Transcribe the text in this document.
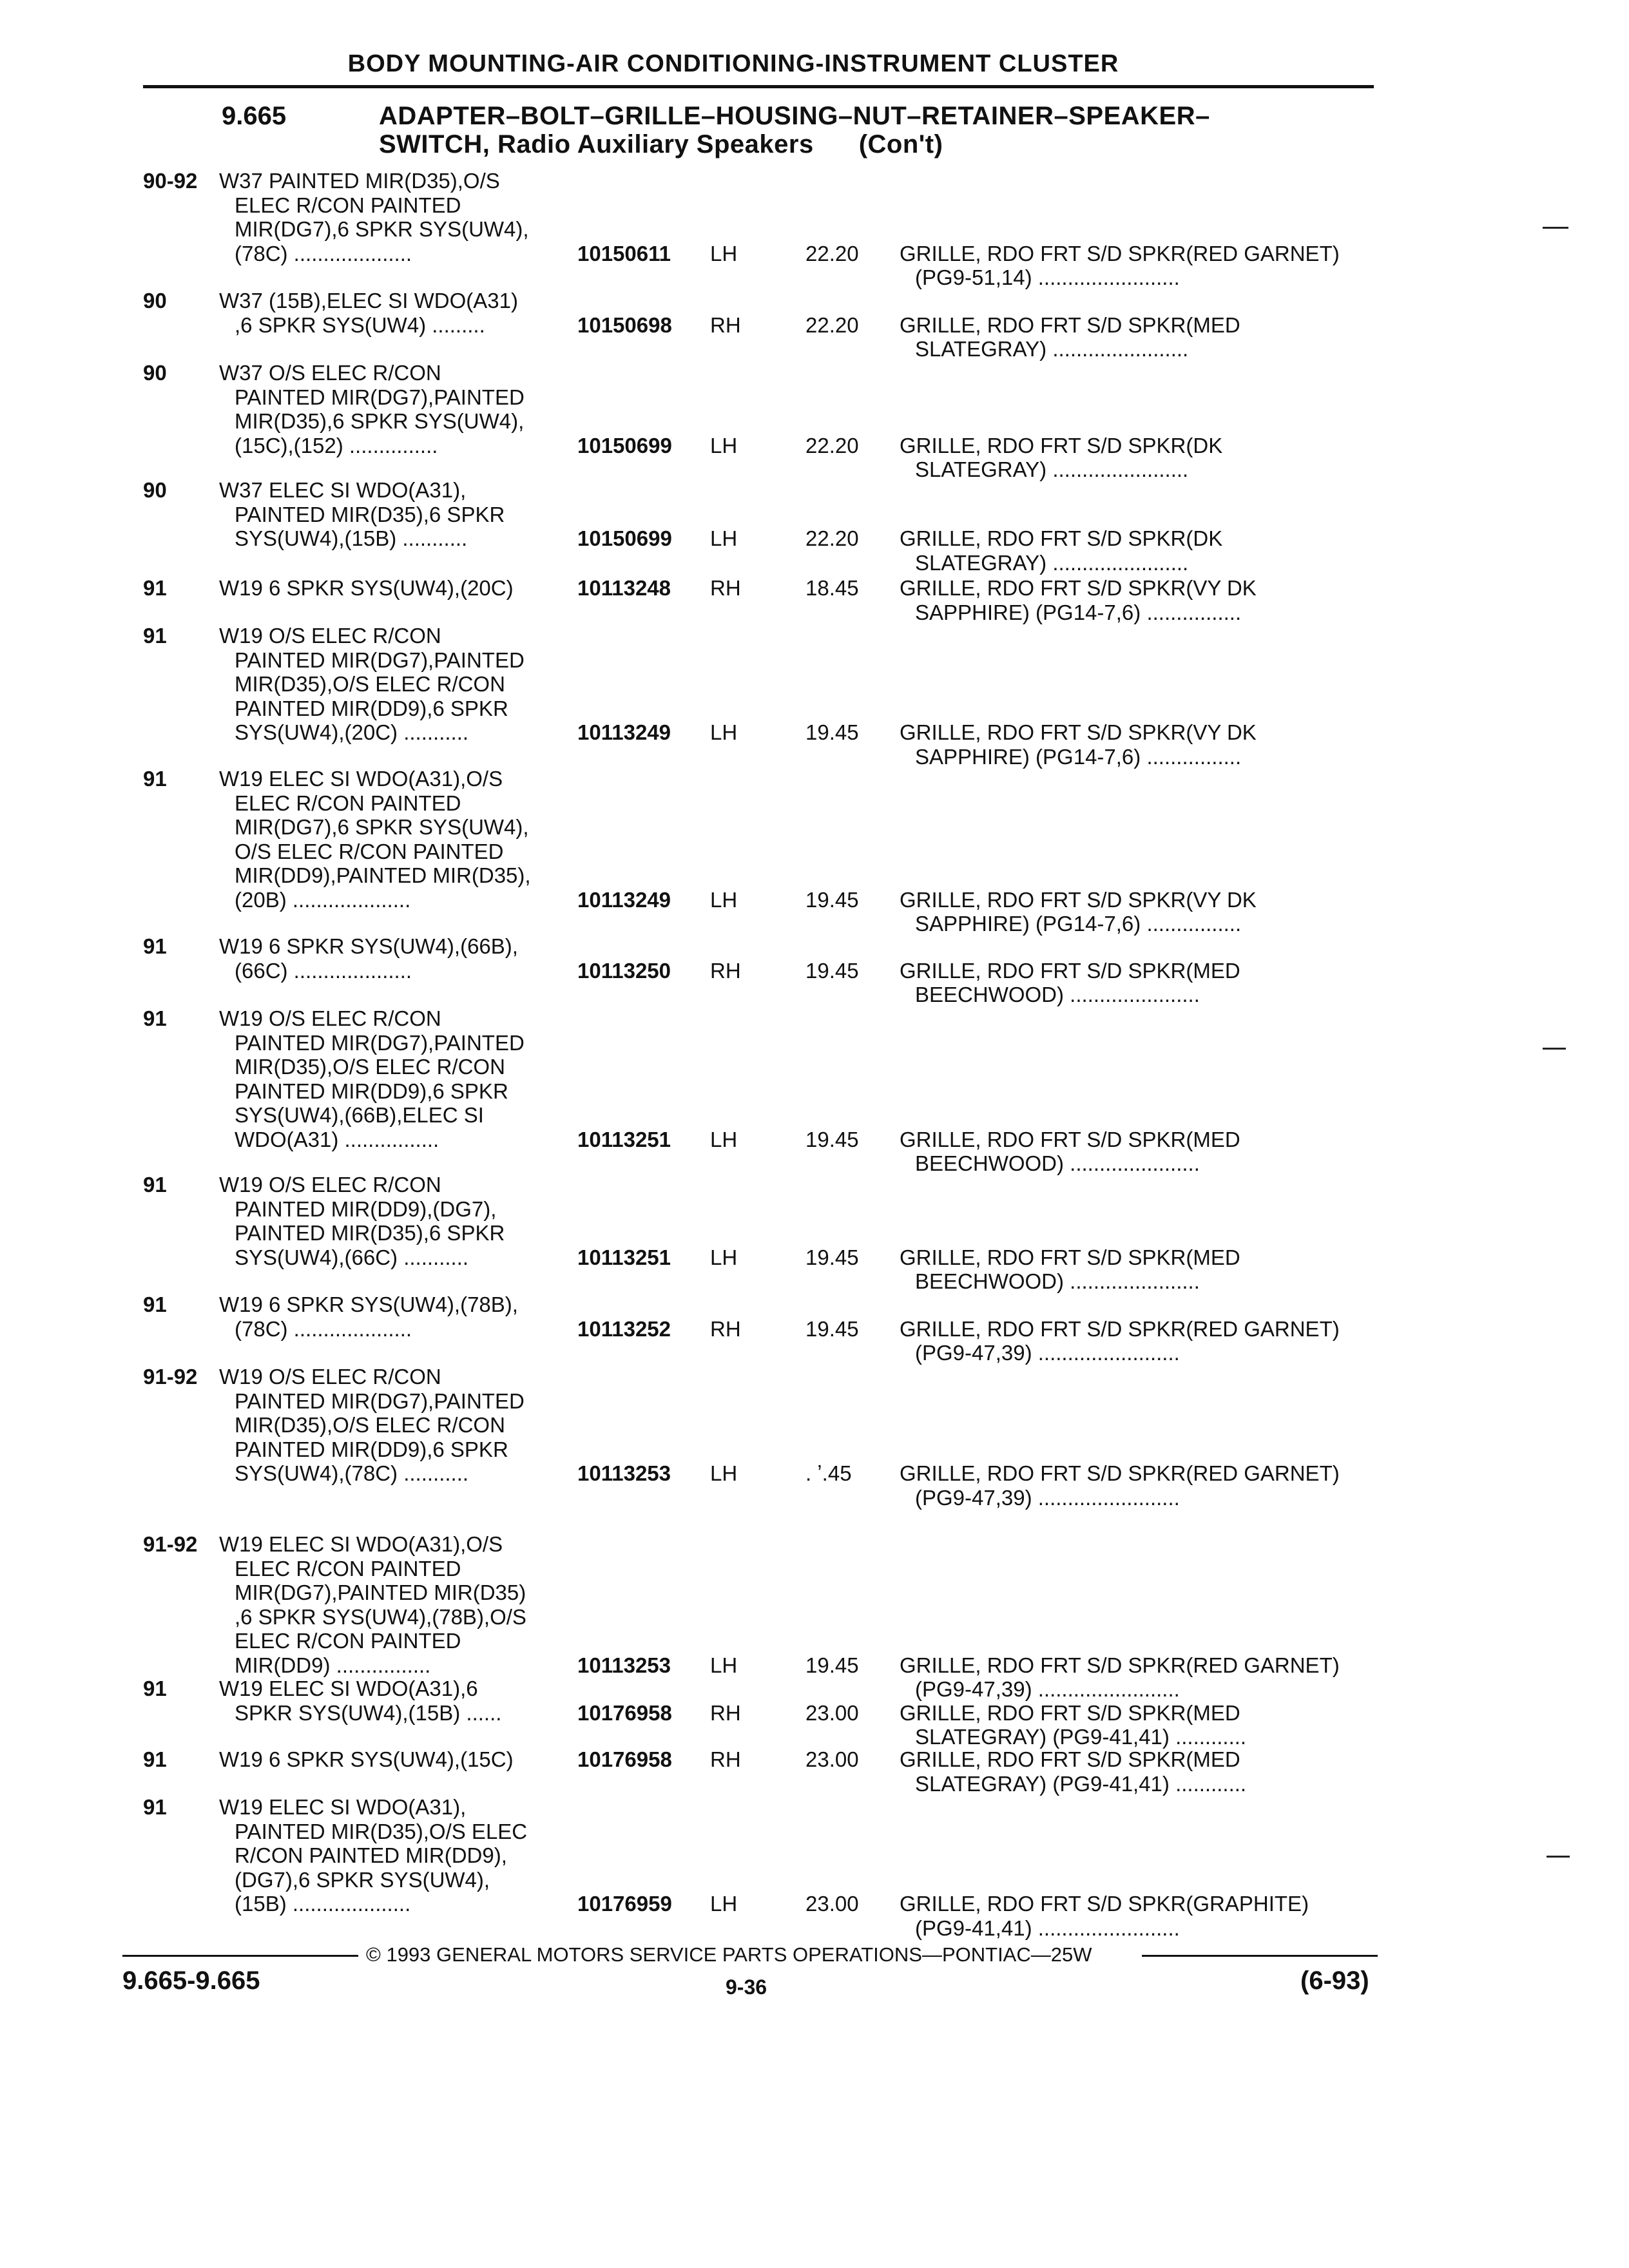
BODY MOUNTING-AIR CONDITIONING-INSTRUMENT CLUSTER
9.665	ADAPTER–BOLT–GRILLE–HOUSING–NUT–RETAINER–SPEAKER–
SWITCH, Radio Auxiliary Speakers (Con't)
90-92 W37 PAINTED MIR(D35),O/S
ELEC R/CON PAINTED
MIR(DG7),6 SPKR SYS(UW4),
(78C) ....................	10150611 LH	22.20 GRILLE, RDO FRT S/D SPKR(RED GARNET)
(PG9-51,14) ........................
90 W37 (15B),ELEC SI WDO(A31)
,6 SPKR SYS(UW4) .........	10150698 RH	22.20 GRILLE, RDO FRT S/D SPKR(MED
SLATEGRAY) .......................
90 W37 O/S ELEC R/CON
PAINTED MIR(DG7),PAINTED
MIR(D35),6 SPKR SYS(UW4),
(15C),(152) ...............	10150699 LH	22.20 GRILLE, RDO FRT S/D SPKR(DK
SLATEGRAY) .......................
90 W37 ELEC SI WDO(A31),
PAINTED MIR(D35),6 SPKR
SYS(UW4),(15B) ...........	10150699 LH	22.20 GRILLE, RDO FRT S/D SPKR(DK
SLATEGRAY) .......................
91 W19 6 SPKR SYS(UW4),(20C)	10113248 RH	18.45 GRILLE, RDO FRT S/D SPKR(VY DK
SAPPHIRE) (PG14-7,6) ................
91 W19 O/S ELEC R/CON
PAINTED MIR(DG7),PAINTED
MIR(D35),O/S ELEC R/CON
PAINTED MIR(DD9),6 SPKR
SYS(UW4),(20C) ...........	10113249 LH	19.45 GRILLE, RDO FRT S/D SPKR(VY DK
SAPPHIRE) (PG14-7,6) ................
91 W19 ELEC SI WDO(A31),O/S
ELEC R/CON PAINTED
MIR(DG7),6 SPKR SYS(UW4),
O/S ELEC R/CON PAINTED
MIR(DD9),PAINTED MIR(D35),
(20B) ....................	10113249 LH	19.45 GRILLE, RDO FRT S/D SPKR(VY DK
SAPPHIRE) (PG14-7,6) ................
91 W19 6 SPKR SYS(UW4),(66B),
(66C) ....................	10113250 RH	19.45 GRILLE, RDO FRT S/D SPKR(MED
BEECHWOOD) ......................
91 W19 O/S ELEC R/CON
PAINTED MIR(DG7),PAINTED
MIR(D35),O/S ELEC R/CON
PAINTED MIR(DD9),6 SPKR
SYS(UW4),(66B),ELEC SI
WDO(A31) ................	10113251 LH	19.45 GRILLE, RDO FRT S/D SPKR(MED
BEECHWOOD) ......................
91 W19 O/S ELEC R/CON
PAINTED MIR(DD9),(DG7),
PAINTED MIR(D35),6 SPKR
SYS(UW4),(66C) ...........	10113251 LH	19.45 GRILLE, RDO FRT S/D SPKR(MED
BEECHWOOD) ......................
91 W19 6 SPKR SYS(UW4),(78B),
(78C) ....................	10113252 RH	19.45 GRILLE, RDO FRT S/D SPKR(RED GARNET)
(PG9-47,39) ........................
91-92 W19 O/S ELEC R/CON
PAINTED MIR(DG7),PAINTED
MIR(D35),O/S ELEC R/CON
PAINTED MIR(DD9),6 SPKR
SYS(UW4),(78C) ...........	10113253 LH	. ʼ.45 GRILLE, RDO FRT S/D SPKR(RED GARNET)
(PG9-47,39) ........................
91-92 W19 ELEC SI WDO(A31),O/S
ELEC R/CON PAINTED
MIR(DG7),PAINTED MIR(D35)
,6 SPKR SYS(UW4),(78B),O/S
ELEC R/CON PAINTED
MIR(DD9) ................	10113253 LH	19.45 GRILLE, RDO FRT S/D SPKR(RED GARNET)
(PG9-47,39) ........................
91 W19 ELEC SI WDO(A31),6
SPKR SYS(UW4),(15B) ......	10176958 RH	23.00 GRILLE, RDO FRT S/D SPKR(MED
SLATEGRAY) (PG9-41,41) ............
91 W19 6 SPKR SYS(UW4),(15C)	10176958 RH	23.00 GRILLE, RDO FRT S/D SPKR(MED
SLATEGRAY) (PG9-41,41) ............
91 W19 ELEC SI WDO(A31),
PAINTED MIR(D35),O/S ELEC
R/CON PAINTED MIR(DD9),
(DG7),6 SPKR SYS(UW4),
(15B) ....................	10176959 LH	23.00 GRILLE, RDO FRT S/D SPKR(GRAPHITE)
(PG9-41,41) ........................
© 1993 GENERAL MOTORS SERVICE PARTS OPERATIONS—PONTIAC—25W
9.665-9.665	9-36	(6-93)
